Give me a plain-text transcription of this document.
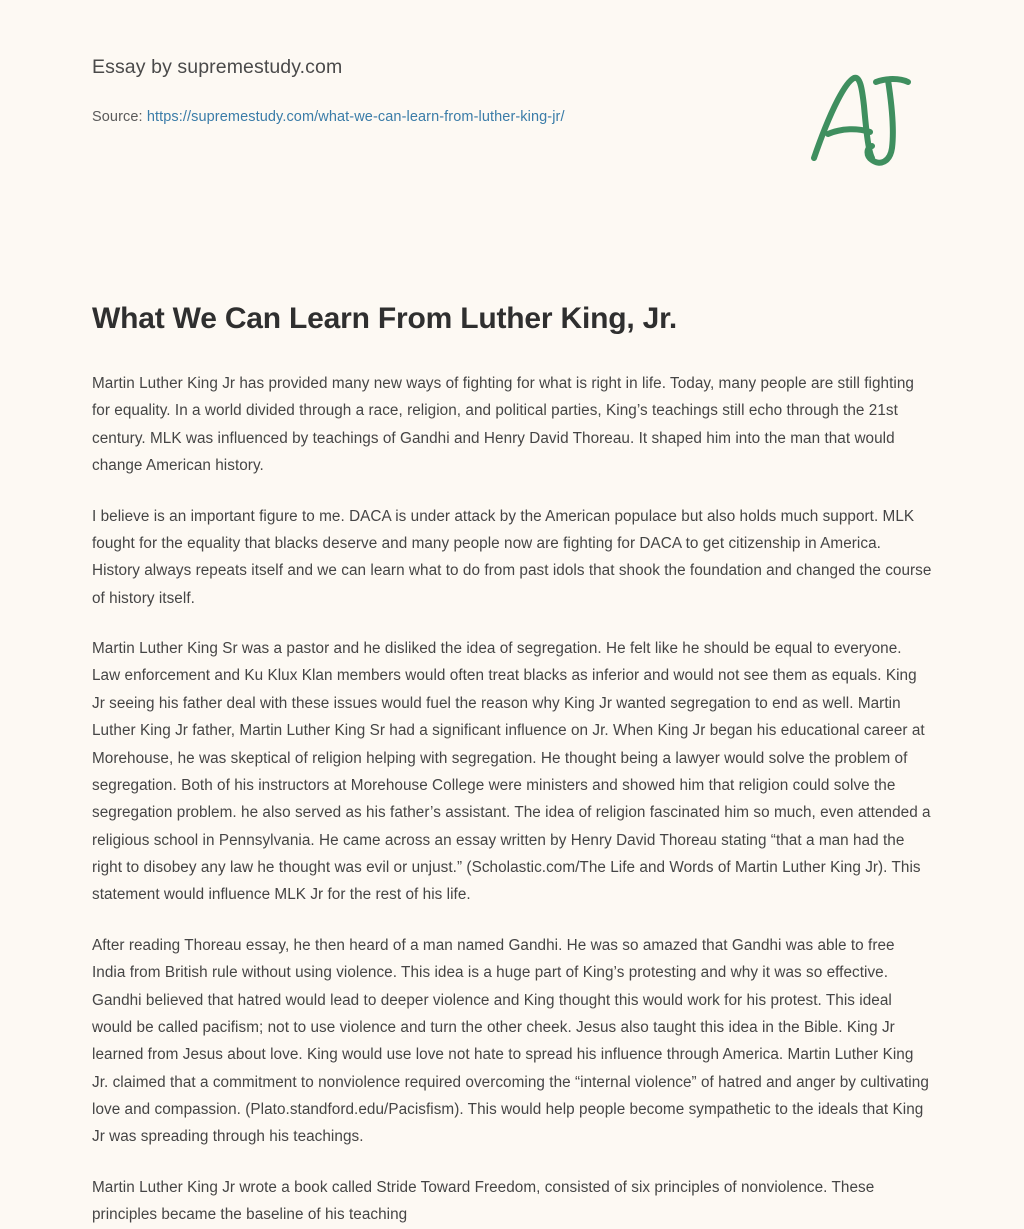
Essay by supremestudy.com
Source: https://supremestudy.com/what-we-can-learn-from-luther-king-jr/
What We Can Learn From Luther King, Jr.

Martin Luther King Jr has provided many new ways of fighting for what is right in life. Today, many people are still fighting for equality. In a world divided through a race, religion, and political parties, King’s teachings still echo through the 21st century. MLK was influenced by teachings of Gandhi and Henry David Thoreau. It shaped him into the man that would change American history.

I believe is an important figure to me. DACA is under attack by the American populace but also holds much support. MLK fought for the equality that blacks deserve and many people now are fighting for DACA to get citizenship in America. History always repeats itself and we can learn what to do from past idols that shook the foundation and changed the course of history itself.

Martin Luther King Sr was a pastor and he disliked the idea of segregation. He felt like he should be equal to everyone. Law enforcement and Ku Klux Klan members would often treat blacks as inferior and would not see them as equals. King Jr seeing his father deal with these issues would fuel the reason why King Jr wanted segregation to end as well. Martin Luther King Jr father, Martin Luther King Sr had a significant influence on Jr. When King Jr began his educational career at Morehouse, he was skeptical of religion helping with segregation. He thought being a lawyer would solve the problem of segregation. Both of his instructors at Morehouse College were ministers and showed him that religion could solve the segregation problem. he also served as his father’s assistant. The idea of religion fascinated him so much, even attended a religious school in Pennsylvania. He came across an essay written by Henry David Thoreau stating “that a man had the right to disobey any law he thought was evil or unjust.” (Scholastic.com/The Life and Words of Martin Luther King Jr). This statement would influence MLK Jr for the rest of his life.

After reading Thoreau essay, he then heard of a man named Gandhi. He was so amazed that Gandhi was able to free India from British rule without using violence. This idea is a huge part of King’s protesting and why it was so effective. Gandhi believed that hatred would lead to deeper violence and King thought this would work for his protest. This ideal would be called pacifism; not to use violence and turn the other cheek. Jesus also taught this idea in the Bible. King Jr learned from Jesus about love. King would use love not hate to spread his influence through America. Martin Luther King Jr. claimed that a commitment to nonviolence required overcoming the “internal violence” of hatred and anger by cultivating love and compassion. (Plato.standford.edu/Pacisfism). This would help people become sympathetic to the ideals that King Jr was spreading through his teachings.

Martin Luther King Jr wrote a book called Stride Toward Freedom, consisted of six principles of nonviolence. These principles became the baseline of his teaching
